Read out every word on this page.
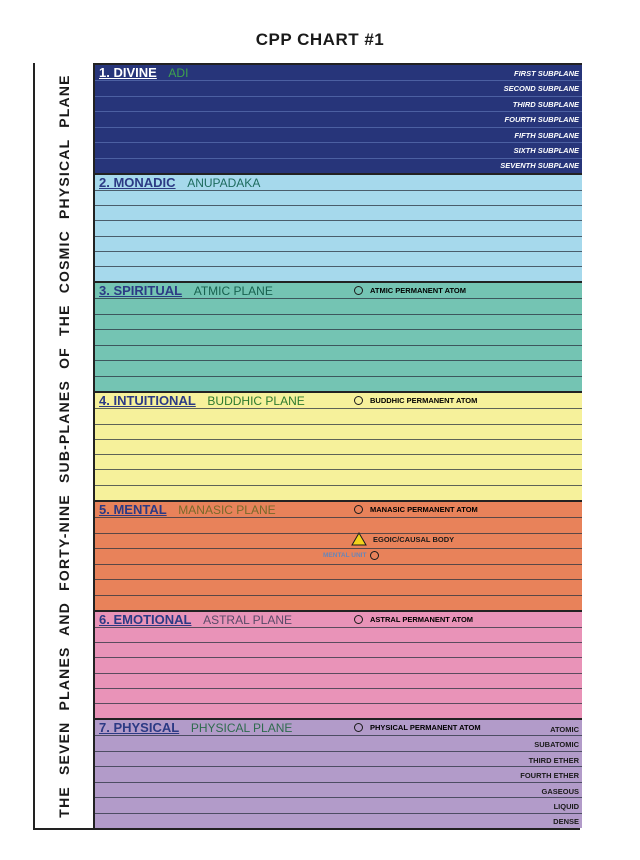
CPP CHART #1
THE SEVEN PLANES AND FORTY-NINE SUB-PLANES OF THE COSMIC PHYSICAL PLANE
1. DIVINE ADI	FIRST SUBPLANE
SECOND SUBPLANE
THIRD SUBPLANE
FOURTH SUBPLANE
FIFTH SUBPLANE
SIXTH SUBPLANE
SEVENTH SUBPLANE
2. MONADIC ANUPADAKA
3. SPIRITUAL ATMIC PLANE	ATMIC PERMANENT ATOM
4. INTUITIONAL BUDDHIC PLANE	BUDDHIC PERMANENT ATOM
5. MENTAL MANASIC PLANE	MANASIC PERMANENT ATOM
EGOIC/CAUSAL BODY
MENTAL UNIT
6. EMOTIONAL ASTRAL PLANE	ASTRAL PERMANENT ATOM
7. PHYSICAL PHYSICAL PLANE	PHYSICAL PERMANENT ATOM	ATOMIC
SUBATOMIC
THIRD ETHER
FOURTH ETHER
GASEOUS
LIQUID
DENSE
